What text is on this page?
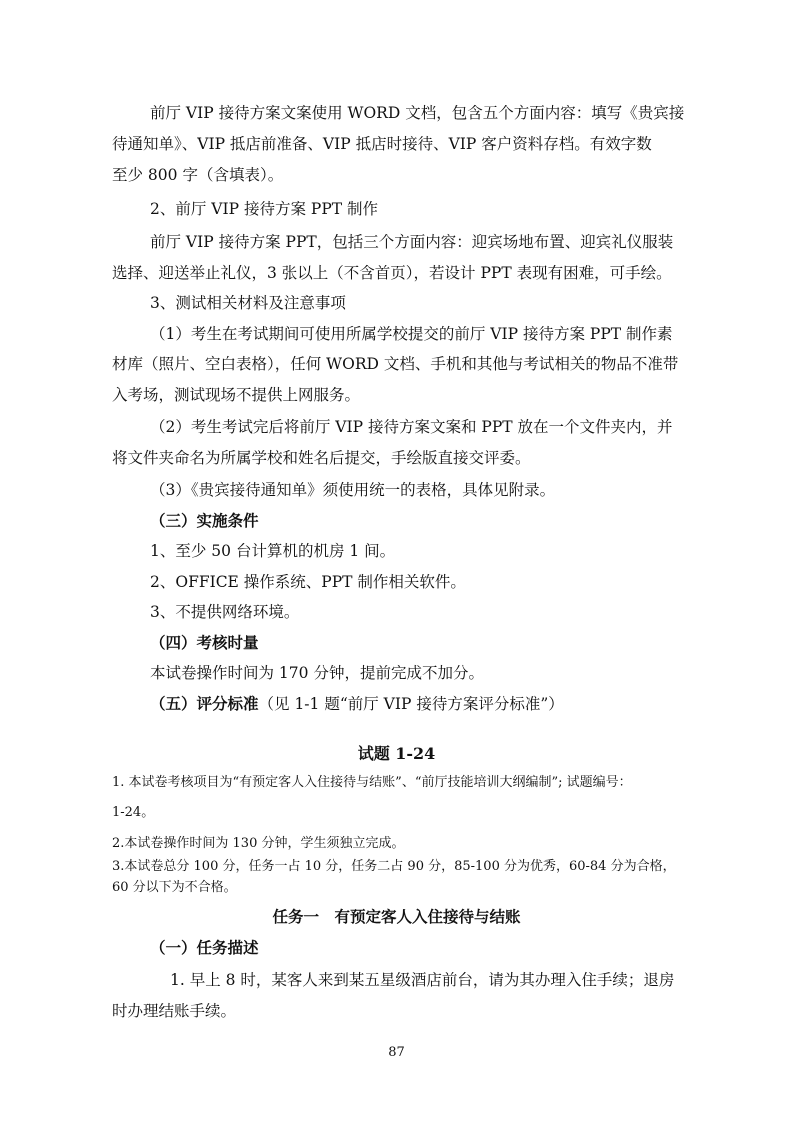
前厅 VIP 接待方案文案使用 WORD 文档，包含五个方面内容：填写《贵宾接
待通知单》、VIP 抵店前准备、VIP 抵店时接待、VIP 客户资料存档。有效字数
至少 800 字（含填表）。
2、前厅 VIP 接待方案 PPT 制作
前厅 VIP 接待方案 PPT，包括三个方面内容：迎宾场地布置、迎宾礼仪服装
选择、迎送举止礼仪，3 张以上（不含首页），若设计 PPT 表现有困难，可手绘。
3、测试相关材料及注意事项
（1）考生在考试期间可使用所属学校提交的前厅 VIP 接待方案 PPT 制作素
材库（照片、空白表格），任何 WORD 文档、手机和其他与考试相关的物品不准带
入考场，测试现场不提供上网服务。
（2）考生考试完后将前厅 VIP 接待方案文案和 PPT 放在一个文件夹内，并
将文件夹命名为所属学校和姓名后提交，手绘版直接交评委。
（3）《贵宾接待通知单》须使用统一的表格，具体见附录。
（三）实施条件
1、至少 50 台计算机的机房 1 间。
2、OFFICE 操作系统、PPT 制作相关软件。
3、不提供网络环境。
（四）考核时量
本试卷操作时间为 170 分钟，提前完成不加分。
（五）评分标准（见 1-1 题“前厅 VIP 接待方案评分标准”）
试题 1-24
1. 本试卷考核项目为“有预定客人入住接待与结账”、“前厅技能培训大纲编制”; 试题编号：
1-24。
2.本试卷操作时间为 130 分钟，学生须独立完成。
3.本试卷总分 100 分，任务一占 10 分，任务二占 90 分，85-100 分为优秀，60-84 分为合格，
60 分以下为不合格。
任务一　有预定客人入住接待与结账
（一）任务描述
1. 早上 8 时，某客人来到某五星级酒店前台，请为其办理入住手续；退房
时办理结账手续。
87
